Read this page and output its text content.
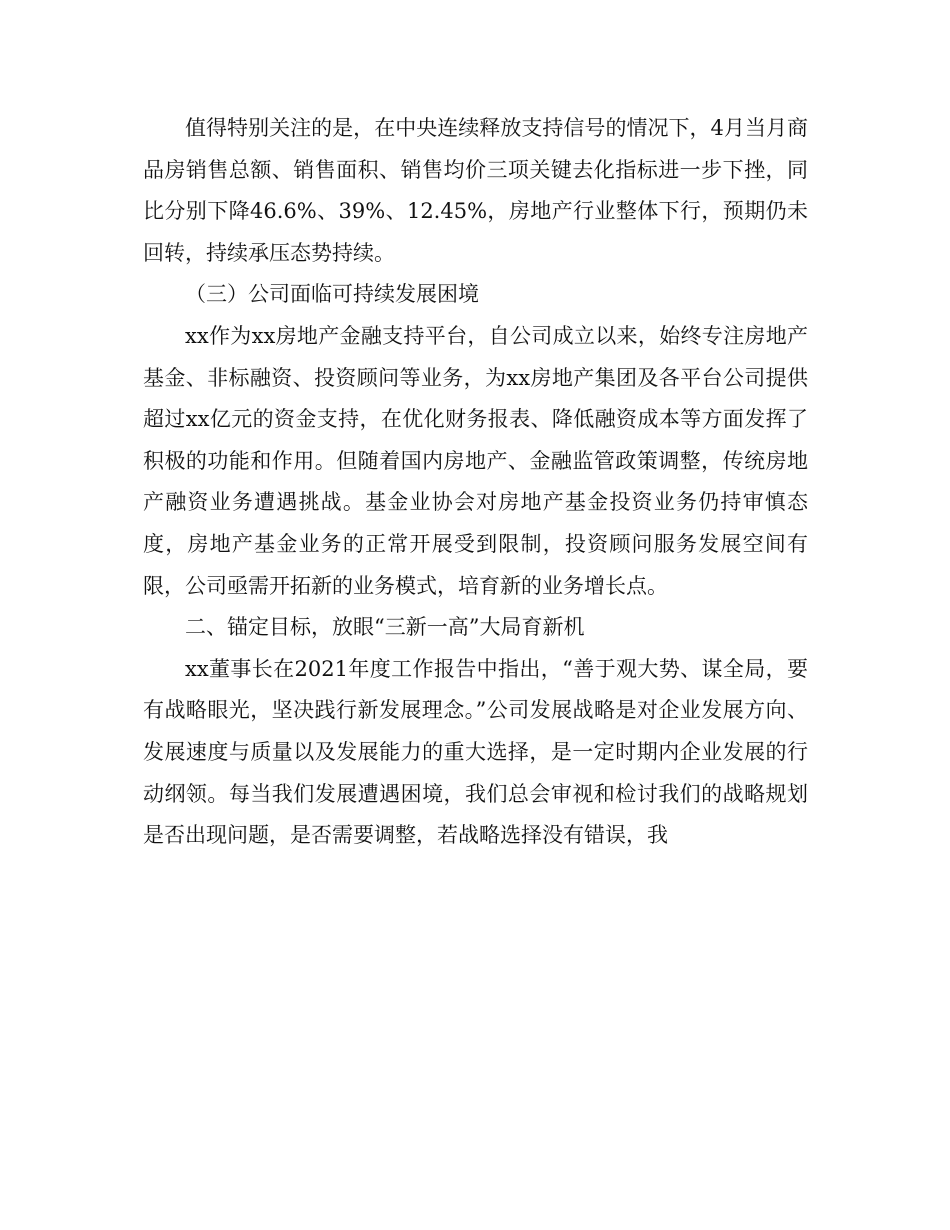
值得特别关注的是，在中央连续释放支持信号的情况下，4月当月商品房销售总额、销售面积、销售均价三项关键去化指标进一步下挫，同比分别下降46.6%、39%、12.45%，房地产行业整体下行，预期仍未回转，持续承压态势持续。

（三）公司面临可持续发展困境

xx作为xx房地产金融支持平台，自公司成立以来，始终专注房地产基金、非标融资、投资顾问等业务，为xx房地产集团及各平台公司提供超过xx亿元的资金支持，在优化财务报表、降低融资成本等方面发挥了积极的功能和作用。但随着国内房地产、金融监管政策调整，传统房地产融资业务遭遇挑战。基金业协会对房地产基金投资业务仍持审慎态度，房地产基金业务的正常开展受到限制，投资顾问服务发展空间有限，公司亟需开拓新的业务模式，培育新的业务增长点。

二、锚定目标，放眼“三新一高”大局育新机

xx董事长在2021年度工作报告中指出，“善于观大势、谋全局，要有战略眼光，坚决践行新发展理念。”公司发展战略是对企业发展方向、发展速度与质量以及发展能力的重大选择，是一定时期内企业发展的行动纲领。每当我们发展遭遇困境，我们总会审视和检讨我们的战略规划是否出现问题，是否需要调整，若战略选择没有错误，我
